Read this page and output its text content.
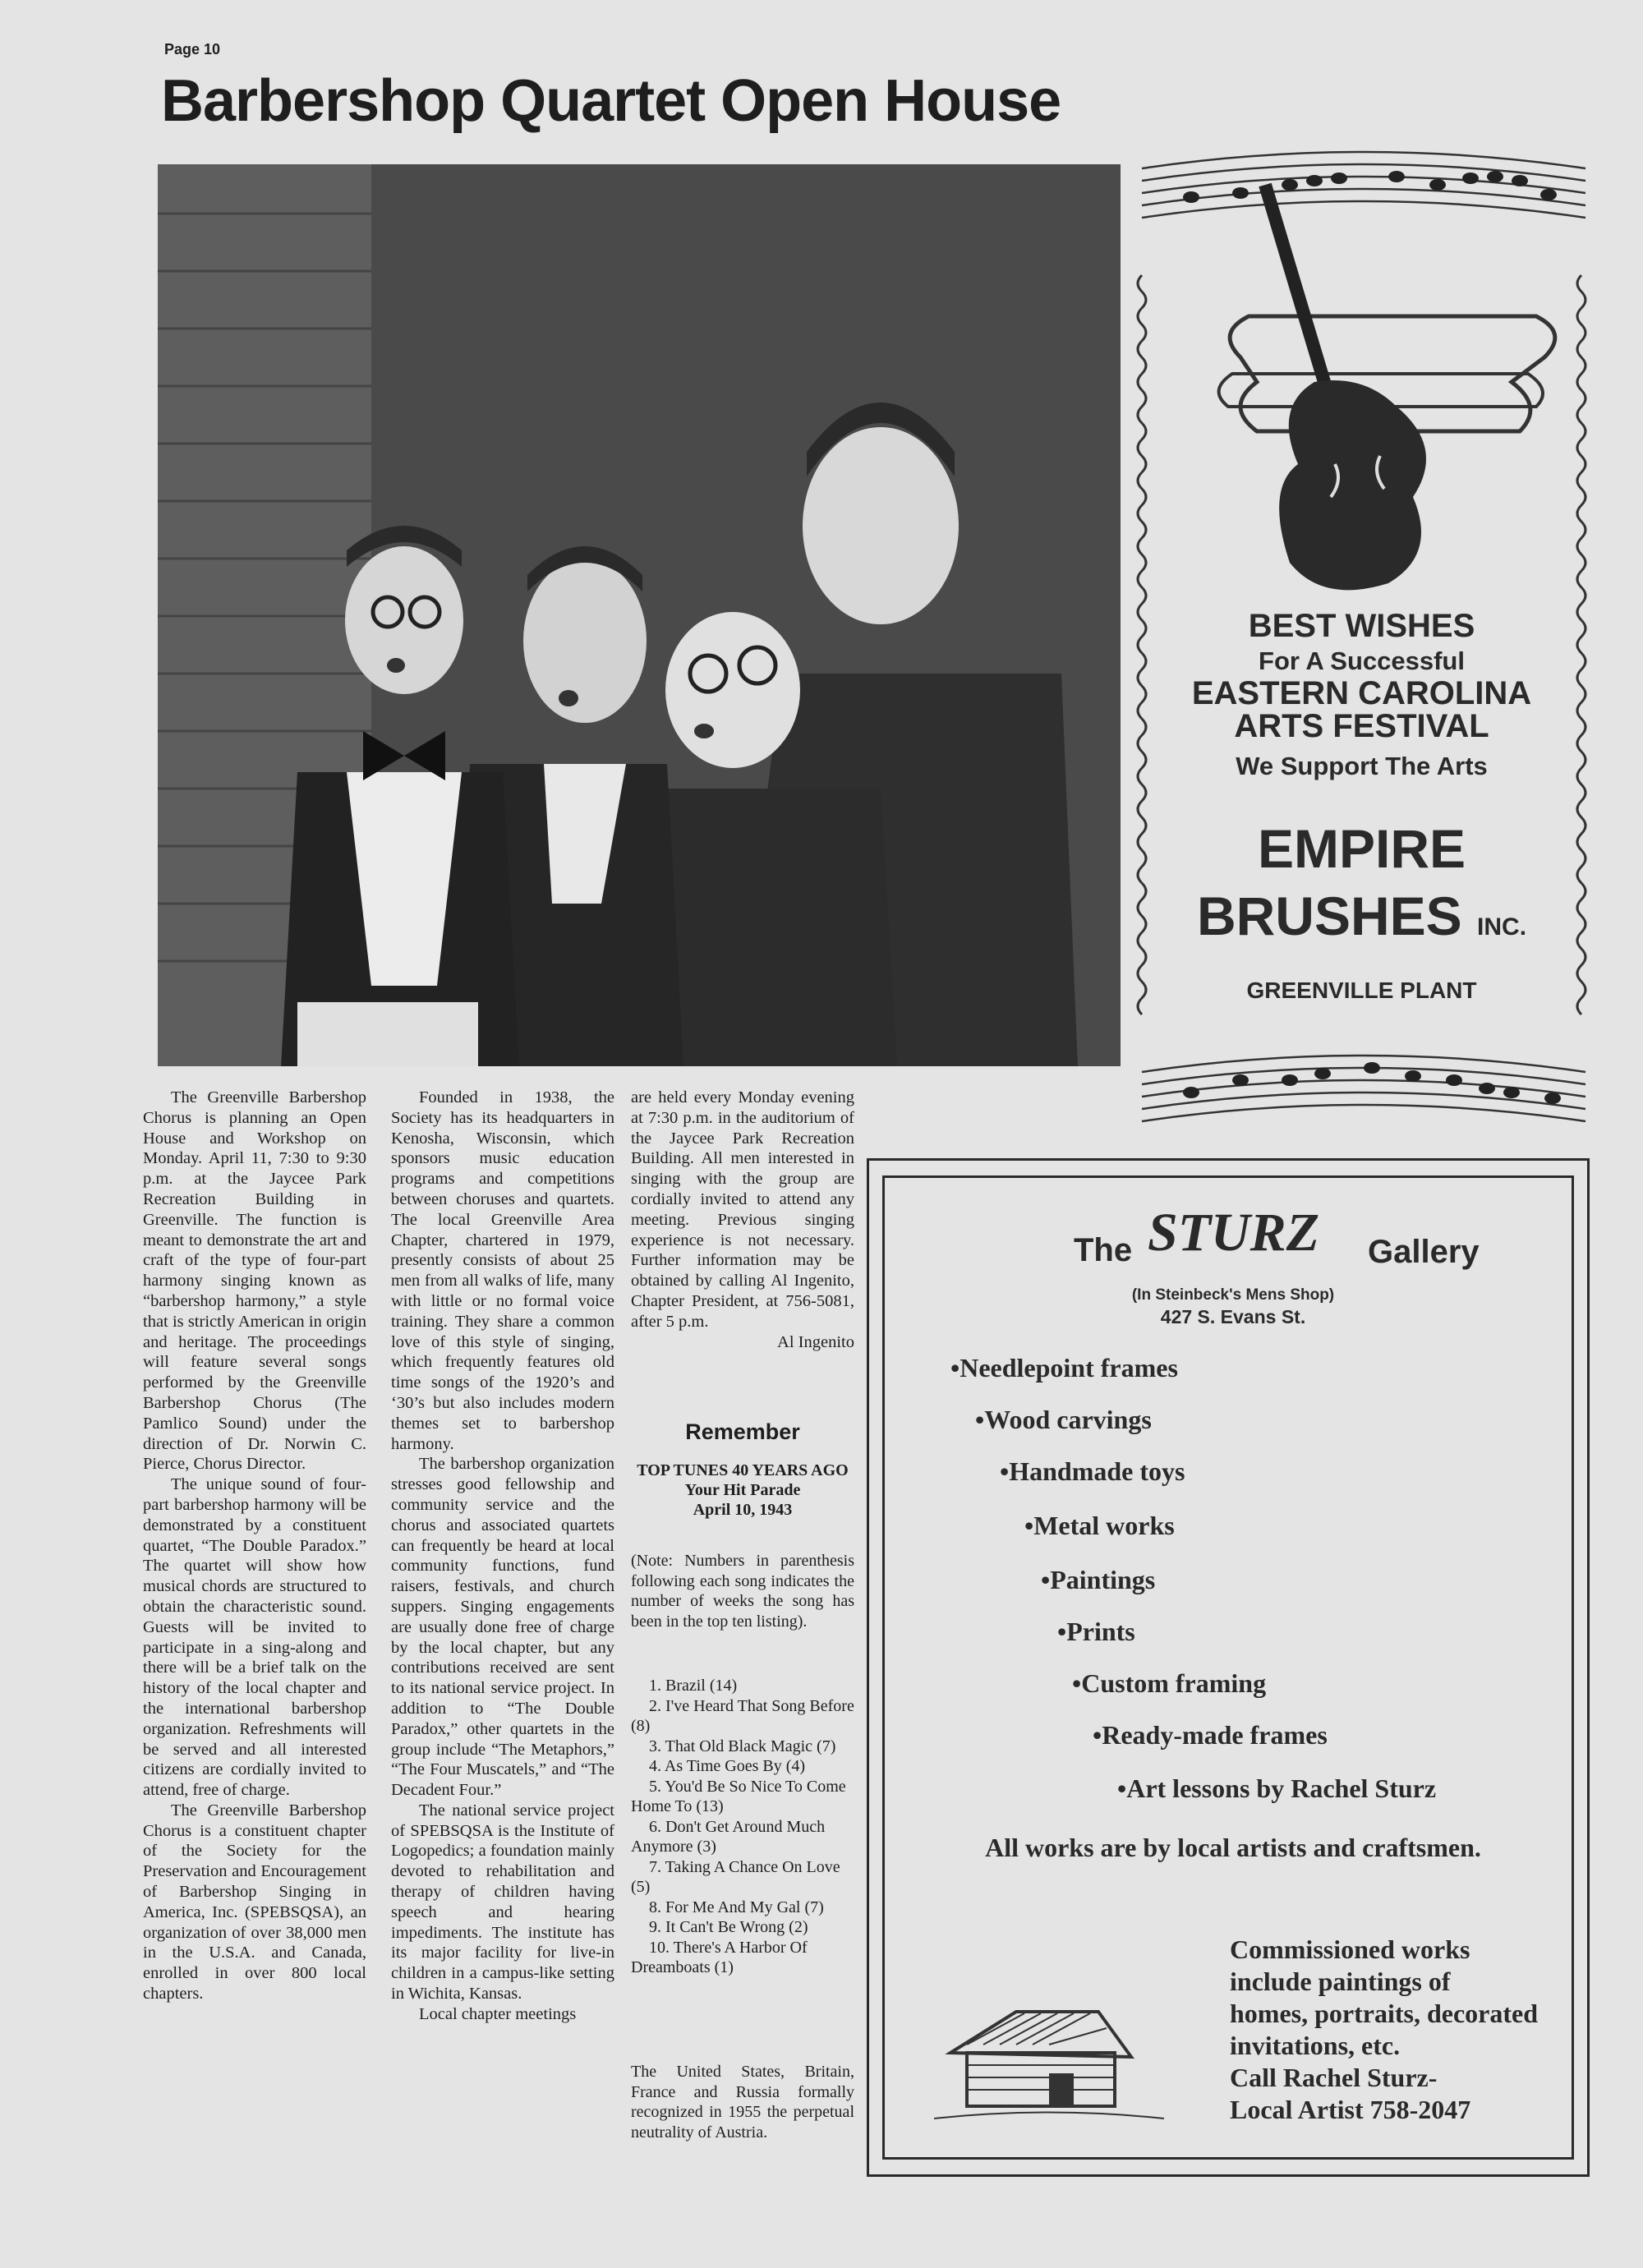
Page 10
Barbershop Quartet Open House

The Greenville Barbershop Chorus is planning an Open House and Workshop on Monday. April 11, 7:30 to 9:30 p.m. at the Jaycee Park Recreation Building in Greenville. The function is meant to demonstrate the art and craft of the type of four-part harmony singing known as “barbershop harmony,” a style that is strictly American in origin and heritage. The proceedings will feature several songs performed by the Greenville Barbershop Chorus (The Pamlico Sound) under the direction of Dr. Norwin C. Pierce, Chorus Director.

The unique sound of four-part barbershop harmony will be demonstrated by a constituent quartet, “The Double Paradox.” The quartet will show how musical chords are structured to obtain the characteristic sound. Guests will be invited to participate in a sing-along and there will be a brief talk on the history of the local chapter and the international barbershop organization. Refreshments will be served and all interested citizens are cordially invited to attend, free of charge.

The Greenville Barbershop Chorus is a constituent chapter of the Society for the Preservation and Encouragement of Barbershop Singing in America, Inc. (SPEBSQSA), an organization of over 38,000 men in the U.S.A. and Canada, enrolled in over 800 local chapters.

Founded in 1938, the Society has its headquarters in Kenosha, Wisconsin, which sponsors music education programs and competitions between choruses and quartets. The local Greenville Area Chapter, chartered in 1979, presently consists of about 25 men from all walks of life, many with little or no formal voice training. They share a common love of this style of singing, which frequently features old time songs of the 1920’s and ‘30’s but also includes modern themes set to barbershop harmony.

The barbershop organization stresses good fellowship and community service and the chorus and associated quartets can frequently be heard at local community functions, fund raisers, festivals, and church suppers. Singing engagements are usually done free of charge by the local chapter, but any contributions received are sent to its national service project. In addition to “The Double Paradox,” other quartets in the group include “The Metaphors,” “The Four Muscatels,” and “The Decadent Four.”

The national service project of SPEBSQSA is the Institute of Logopedics; a foundation mainly devoted to rehabilitation and therapy of children having speech and hearing impediments. The institute has its major facility for live-in children in a campus-like setting in Wichita, Kansas.

Local chapter meetings

are held every Monday evening at 7:30 p.m. in the auditorium of the Jaycee Park Recreation Building. All men interested in singing with the group are cordially invited to attend any meeting. Previous singing experience is not necessary. Further information may be obtained by calling Al Ingenito, Chapter President, at 756-5081, after 5 p.m.

Al Ingenito

Remember
TOP TUNES 40 YEARS AGO
Your Hit Parade
April 10, 1943
(Note: Numbers in parenthesis following each song indicates the number of weeks the song has been in the top ten listing).
1. Brazil (14)
2. I've Heard That Song Before (8)
3. That Old Black Magic (7)
4. As Time Goes By (4)
5. You'd Be So Nice To Come Home To (13)
6. Don't Get Around Much Anymore (3)
7. Taking A Chance On Love (5)
8. For Me And My Gal (7)
9. It Can't Be Wrong (2)
10. There's A Harbor Of Dreamboats (1)
The United States, Britain, France and Russia formally recognized in 1955 the perpetual neutrality of Austria.
BEST WISHES
For A Successful
EASTERN CAROLINA
ARTS FESTIVAL
We Support The Arts
EMPIRE
BRUSHES INC.
GREENVILLE PLANT
The STURZ Gallery
(In Steinbeck's Mens Shop)
427 S. Evans St.
•Needlepoint frames
•Wood carvings
•Handmade toys
•Metal works
•Paintings
•Prints
•Custom framing
•Ready-made frames
•Art lessons by Rachel Sturz
All works are by local artists and craftsmen.
Commissioned works
include paintings of
homes, portraits, decorated
invitations, etc.
Call Rachel Sturz-
Local Artist 758-2047
